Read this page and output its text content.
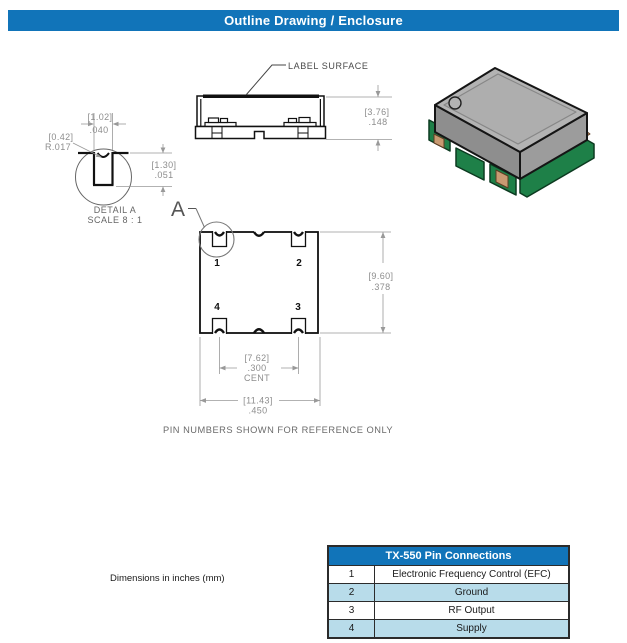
Outline Drawing / Enclosure
LABEL SURFACE
[3.76]
.148
[0.42]
R.017
[1.02]
.040
[1.30]
.051
DETAIL A
SCALE 8 : 1
1	2
4	3
A
[9.60]
.378
[7.62]
.300
CENT
[11.43]
.450
PIN NUMBERS SHOWN FOR REFERENCE ONLY
Dimensions in inches (mm)
TX-550 Pin Connections
1	Electronic Frequency Control (EFC)
2	Ground
3	RF Output
4	Supply
